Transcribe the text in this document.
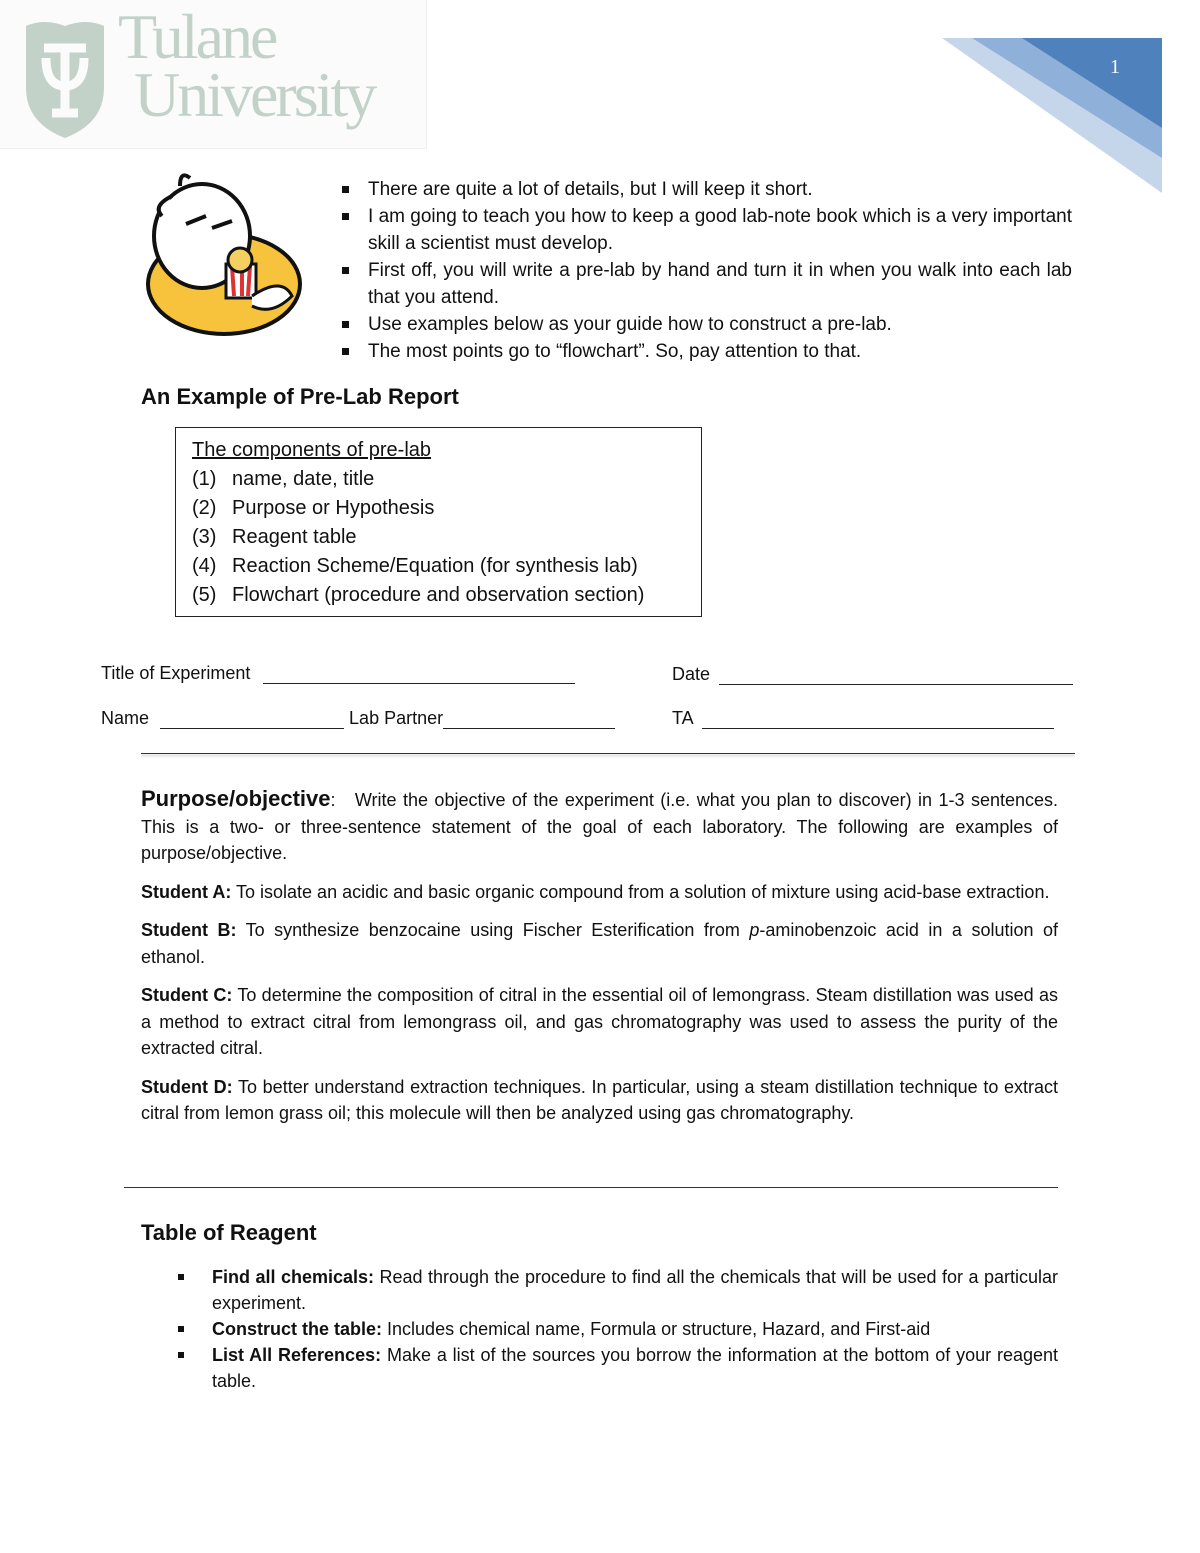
Tulane
University	1
There are quite a lot of details, but I will keep it short.
I am going to teach you how to keep a good lab-note book which is a very important skill a scientist must develop.
First off, you will write a pre-lab by hand and turn it in when you walk into each lab that you attend.
Use examples below as your guide how to construct a pre-lab.
The most points go to “flowchart”. So, pay attention to that.
An Example of Pre-Lab Report
The components of pre-lab
(1) name, date, title
(2) Purpose or Hypothesis
(3) Reagent table
(4) Reaction Scheme/Equation (for synthesis lab)
(5) Flowchart (procedure and observation section)
Title of Experiment	Date
Name	Lab Partner	TA

Purpose/objective: Write the objective of the experiment (i.e. what you plan to discover) in 1-3 sentences. This is a two- or three-sentence statement of the goal of each laboratory. The following are examples of purpose/objective.

Student A: To isolate an acidic and basic organic compound from a solution of mixture using acid-base extraction.

Student B: To synthesize benzocaine using Fischer Esterification from p-aminobenzoic acid in a solution of ethanol.

Student C: To determine the composition of citral in the essential oil of lemongrass. Steam distillation was used as a method to extract citral from lemongrass oil, and gas chromatography was used to assess the purity of the extracted citral.

Student D: To better understand extraction techniques. In particular, using a steam distillation technique to extract citral from lemon grass oil; this molecule will then be analyzed using gas chromatography.

Table of Reagent
Find all chemicals: Read through the procedure to find all the chemicals that will be used for a particular experiment.
Construct the table: Includes chemical name, Formula or structure, Hazard, and First-aid
List All References: Make a list of the sources you borrow the information at the bottom of your reagent table.
